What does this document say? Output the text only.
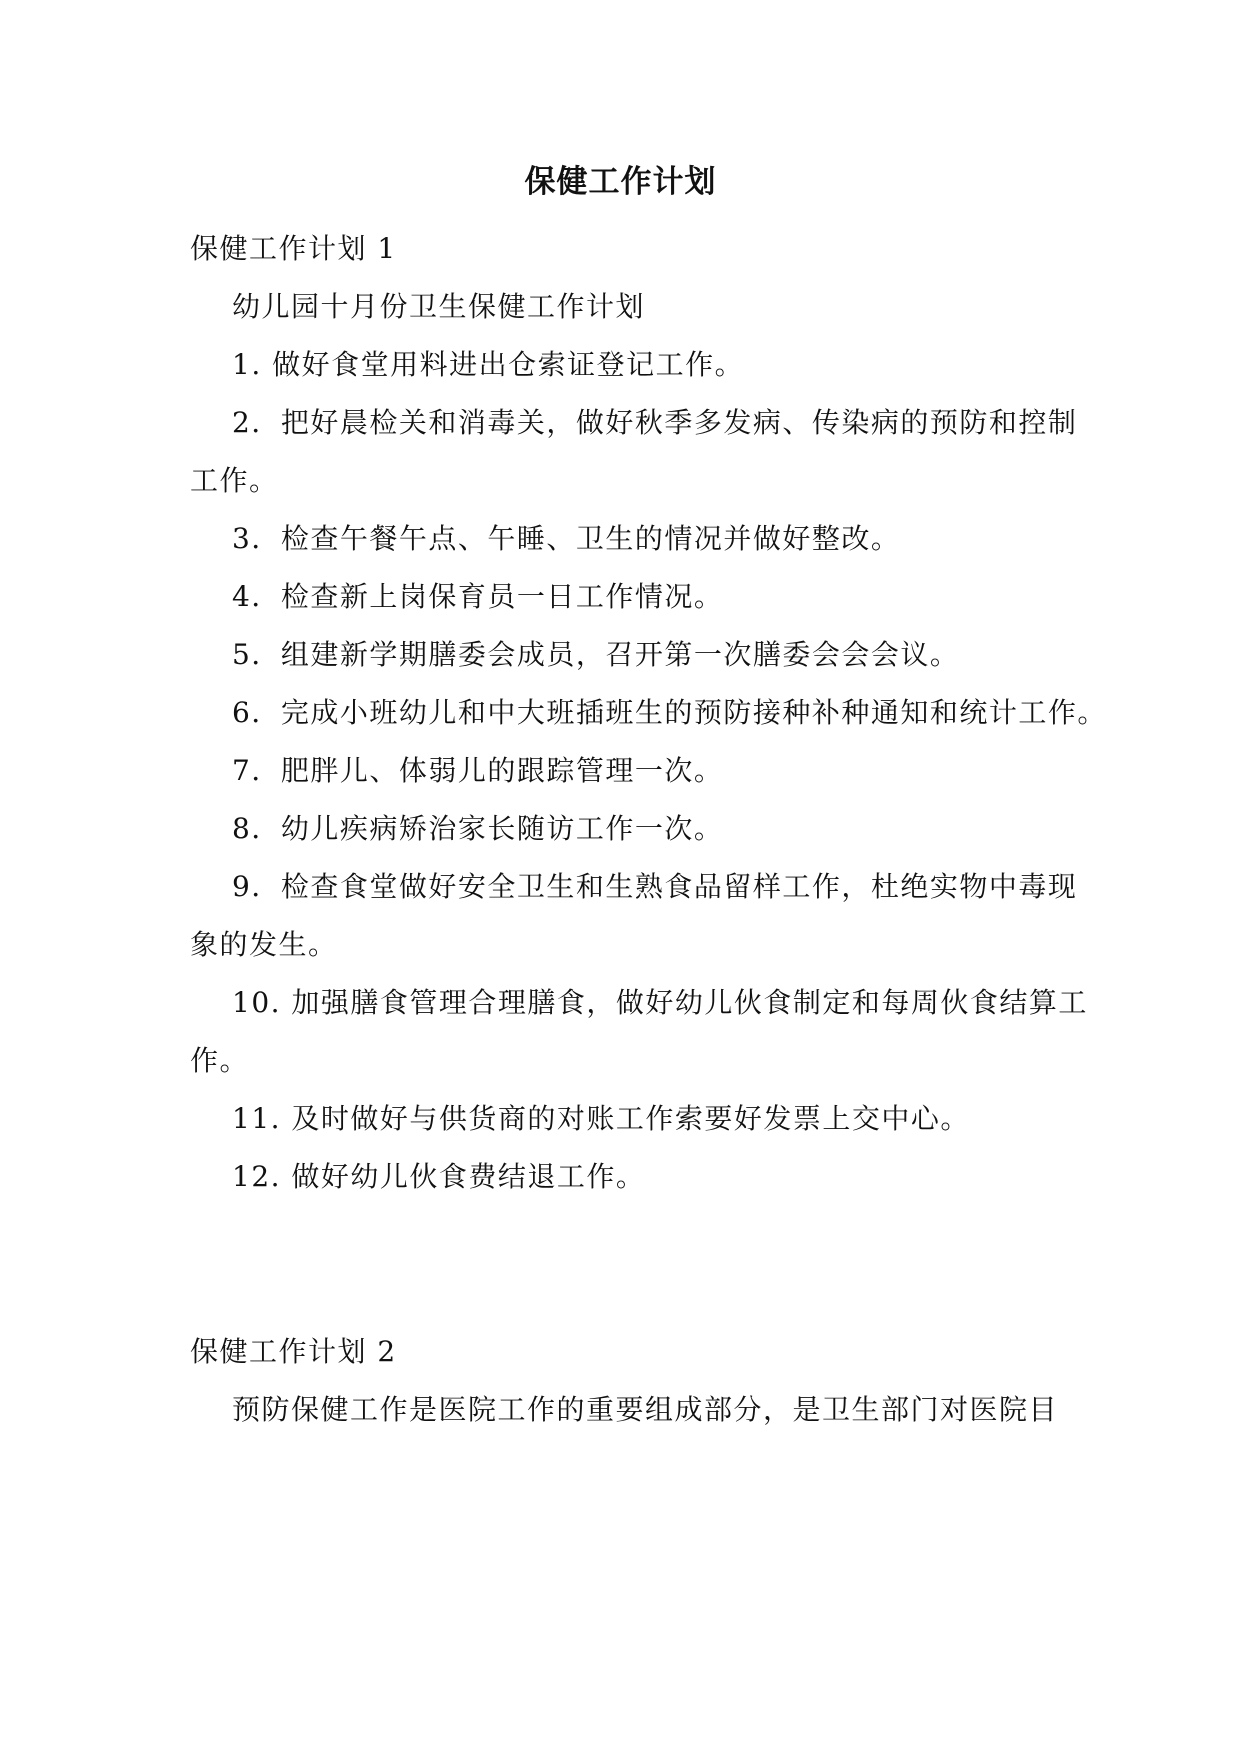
保健工作计划
保健工作计划 1
幼儿园十月份卫生保健工作计划
1. 做好食堂用料进出仓索证登记工作。
2．把好晨检关和消毒关，做好秋季多发病、传染病的预防和控制
工作。
3．检查午餐午点、午睡、卫生的情况并做好整改。
4．检查新上岗保育员一日工作情况。
5．组建新学期膳委会成员，召开第一次膳委会会会议。
6．完成小班幼儿和中大班插班生的预防接种补种通知和统计工作。
7．肥胖儿、体弱儿的跟踪管理一次。
8．幼儿疾病矫治家长随访工作一次。
9．检查食堂做好安全卫生和生熟食品留样工作，杜绝实物中毒现
象的发生。
10. 加强膳食管理合理膳食，做好幼儿伙食制定和每周伙食结算工
作。
11. 及时做好与供货商的对账工作索要好发票上交中心。
12. 做好幼儿伙食费结退工作。
保健工作计划 2
预防保健工作是医院工作的重要组成部分，是卫生部门对医院目
